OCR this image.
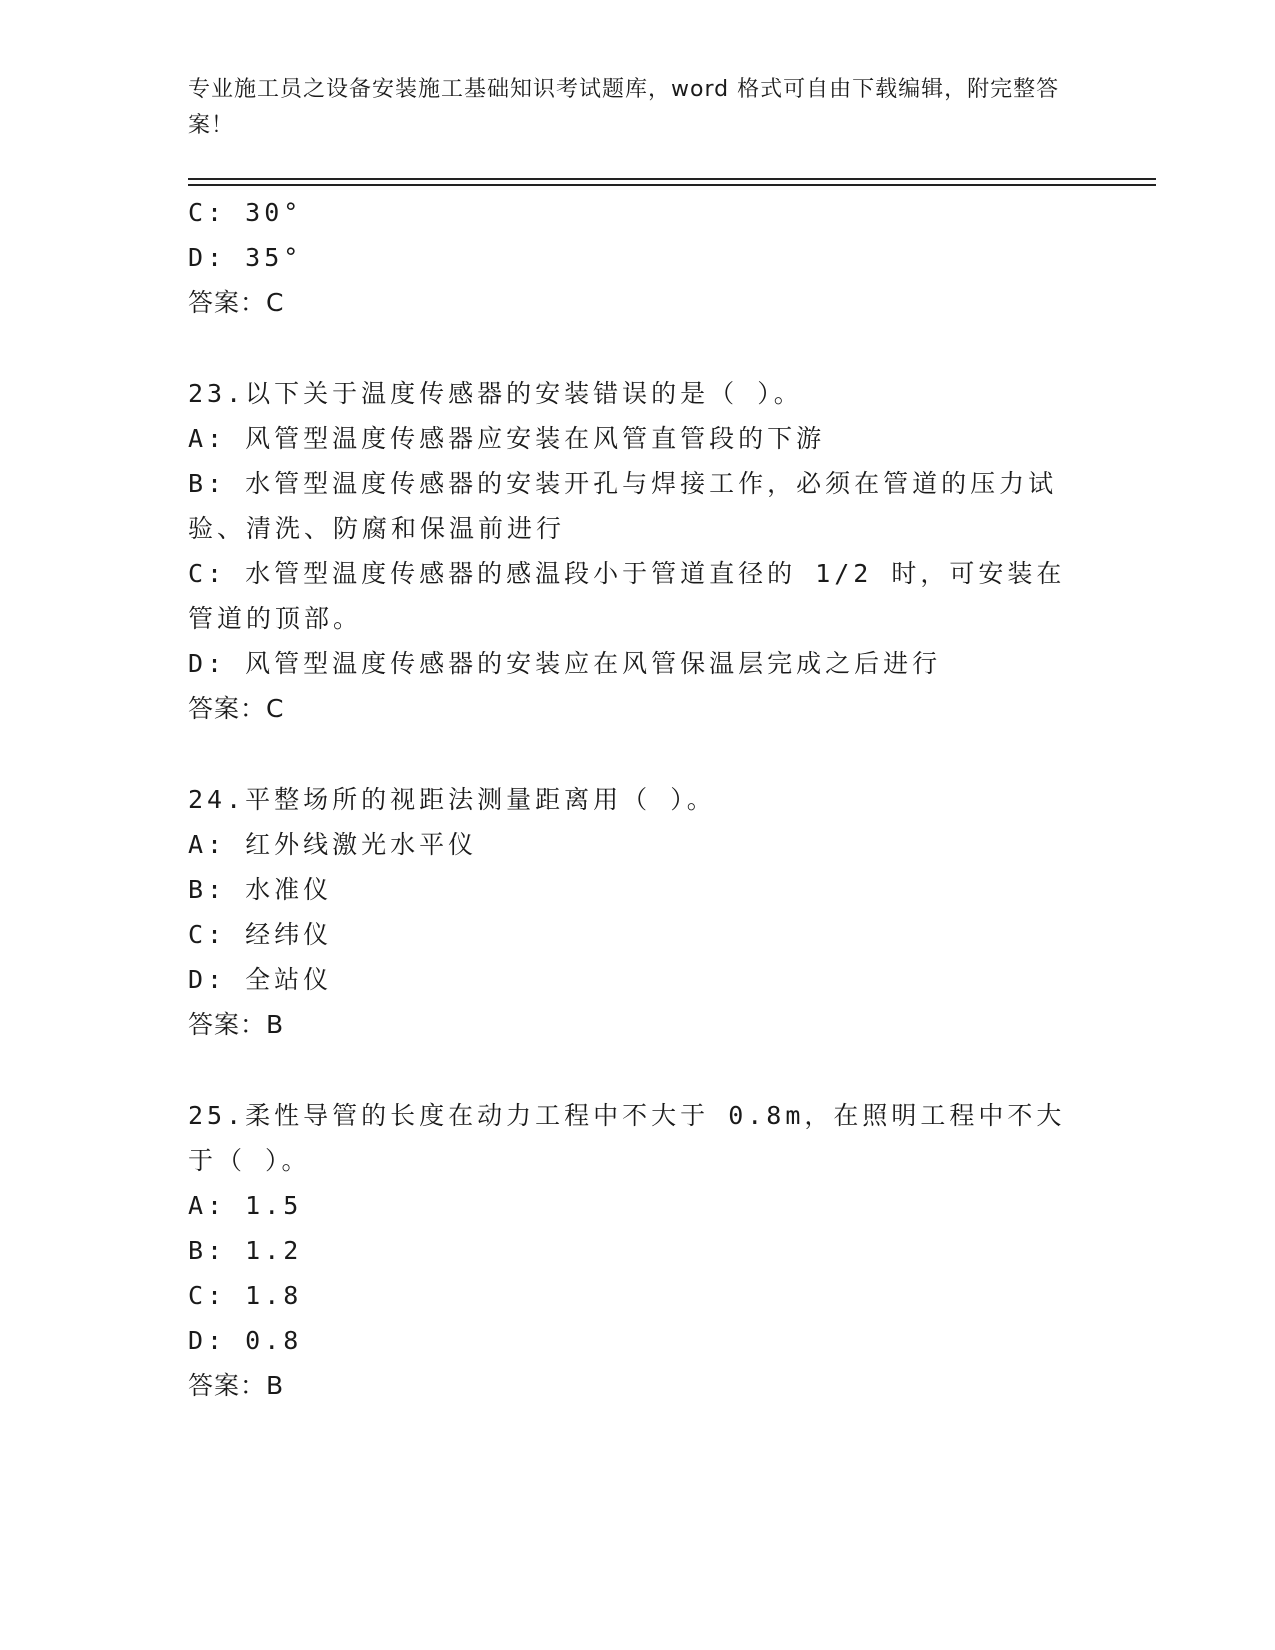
专业施工员之设备安装施工基础知识考试题库，word 格式可自由下载编辑，附完整答案！
C: 30°
D: 35°
答案：C
23.以下关于温度传感器的安装错误的是（ ）。
A: 风管型温度传感器应安装在风管直管段的下游
B: 水管型温度传感器的安装开孔与焊接工作，必须在管道的压力试验、清洗、防腐和保温前进行
C: 水管型温度传感器的感温段小于管道直径的 1/2 时，可安装在管道的顶部。
D: 风管型温度传感器的安装应在风管保温层完成之后进行
答案：C
24.平整场所的视距法测量距离用（ ）。
A: 红外线激光水平仪
B: 水准仪
C: 经纬仪
D: 全站仪
答案：B
25.柔性导管的长度在动力工程中不大于 0.8m，在照明工程中不大于（ ）。
A: 1.5
B: 1.2
C: 1.8
D: 0.8
答案：B
